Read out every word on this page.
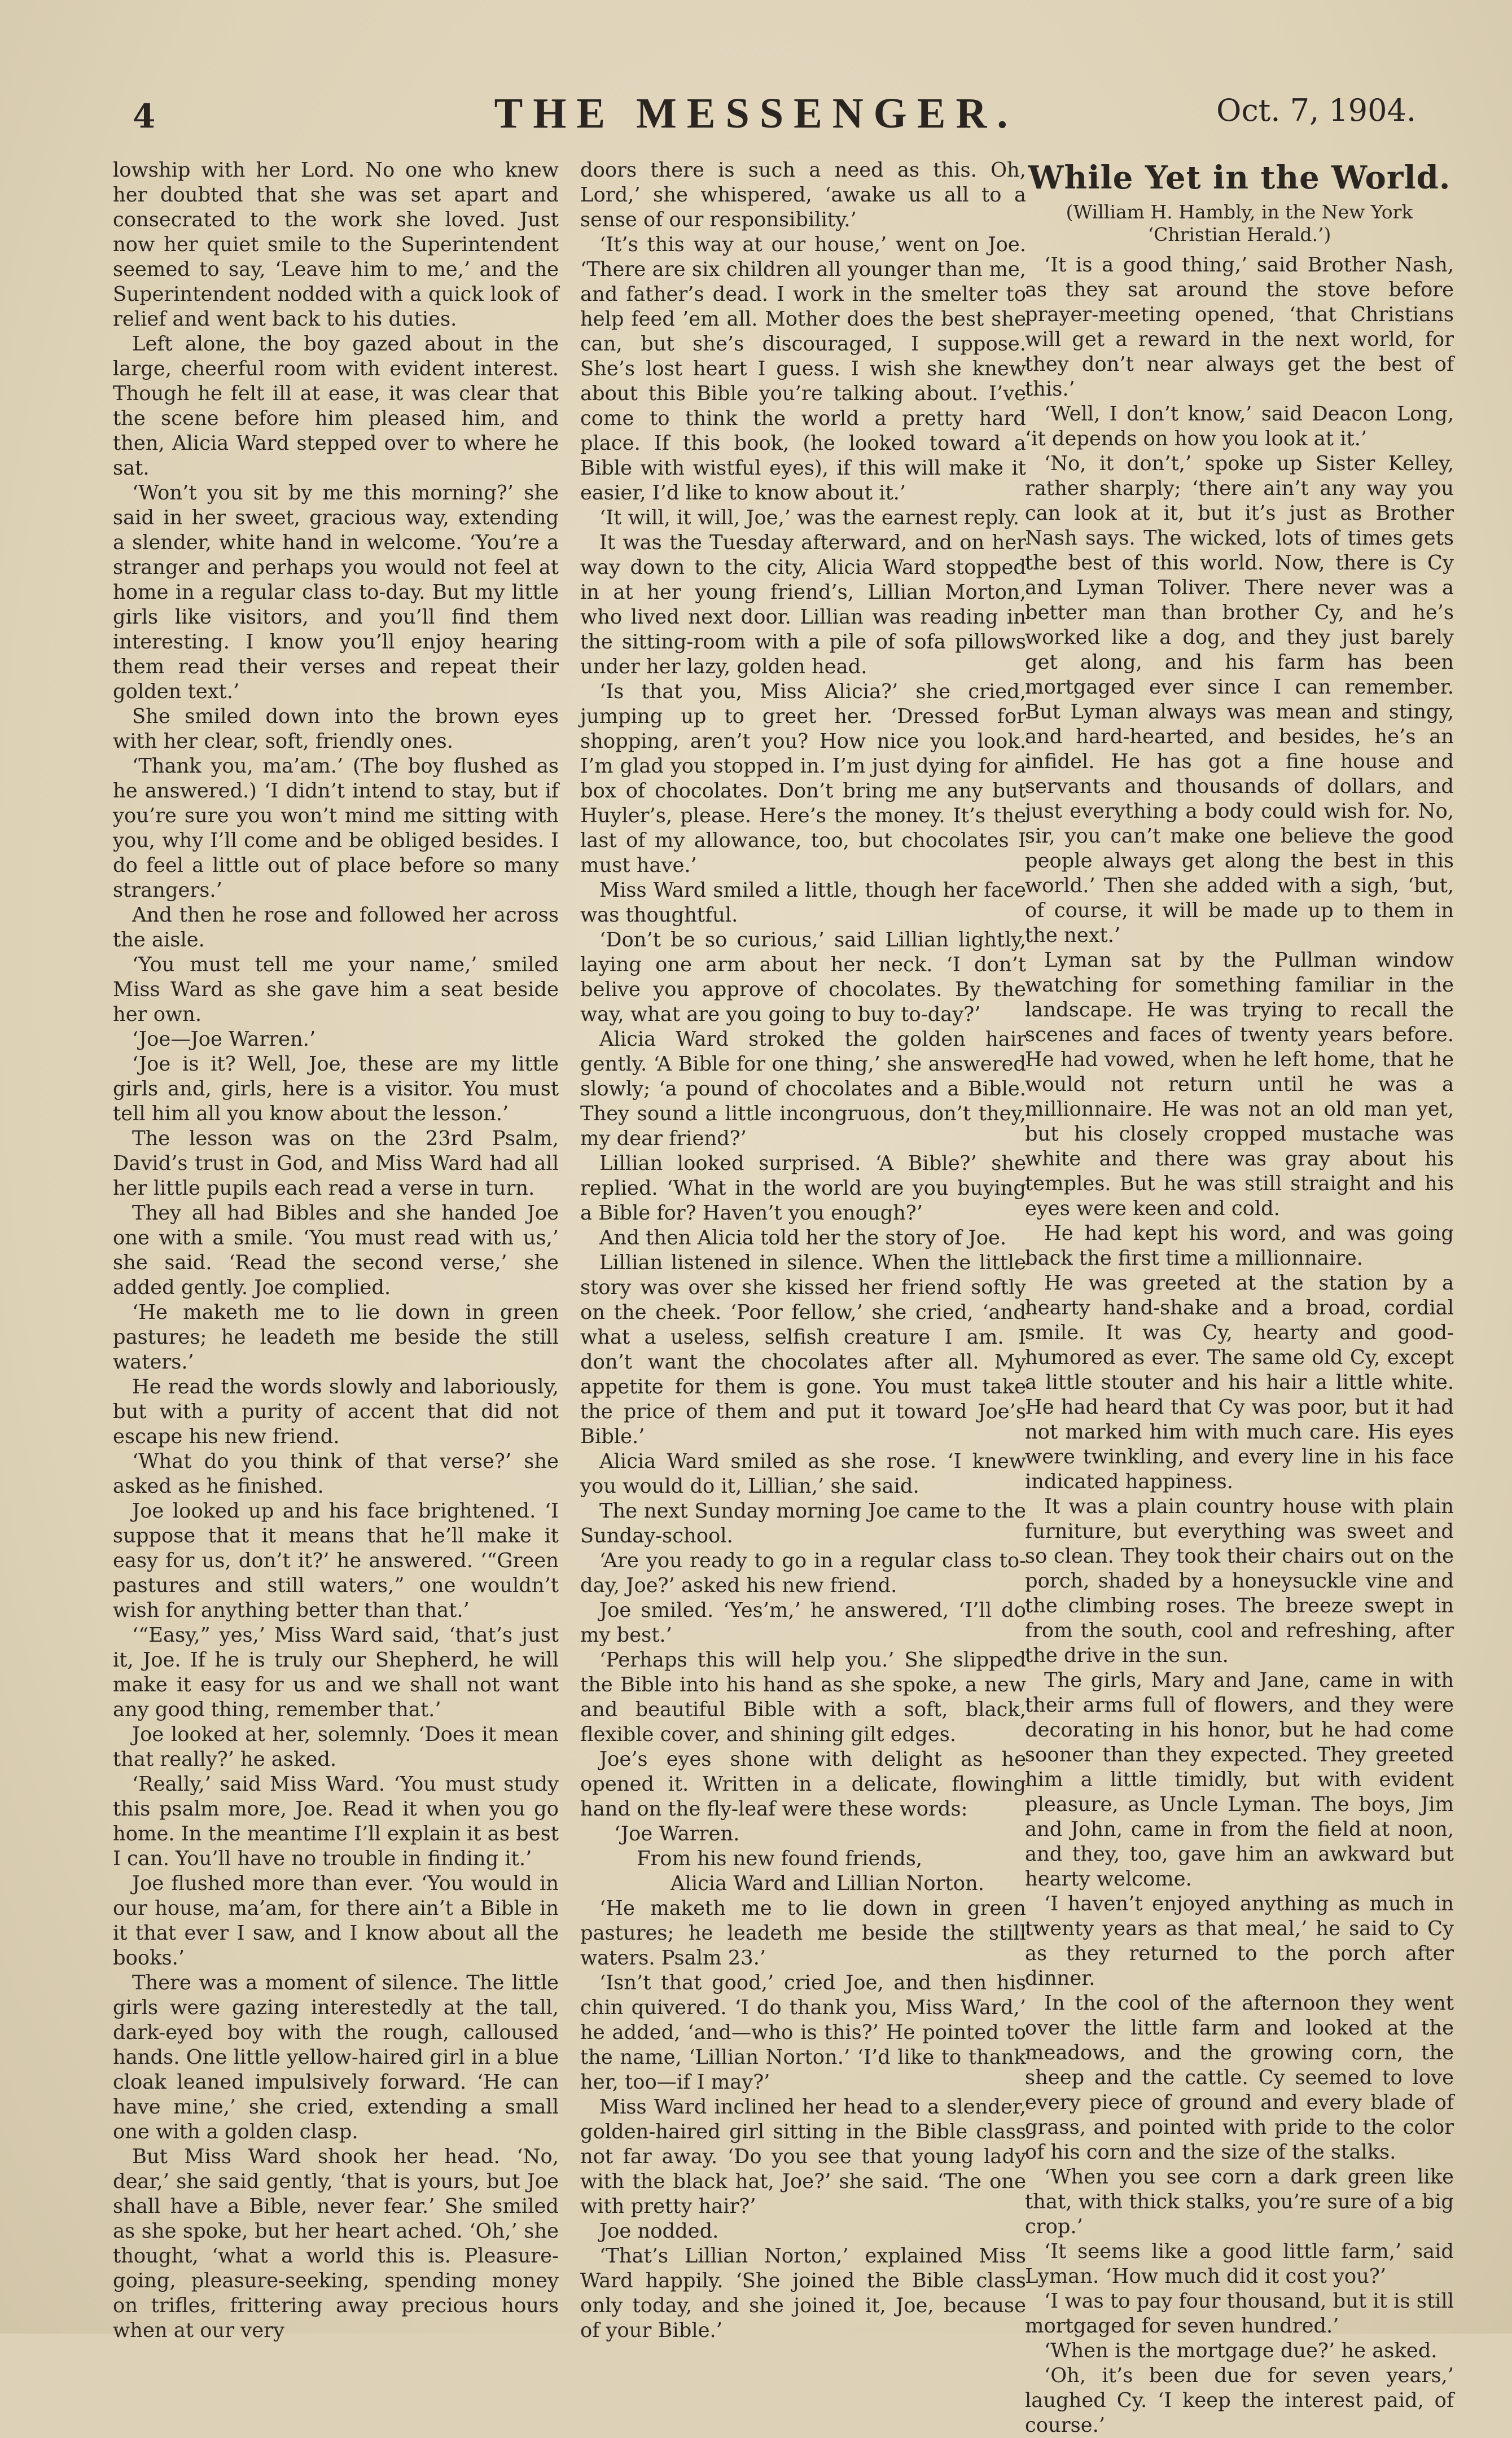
4	THE MESSENGER.	Oct. 7, 1904.

lowship with her Lord. No one who knew her doubted that she was set apart and consecrated to the work she loved. Just now her quiet smile to the Superintendent seemed to say, ‘Leave him to me,’ and the Superintendent nodded with a quick look of relief and went back to his duties.

Left alone, the boy gazed about in the large, cheerful room with evident interest. Though he felt ill at ease, it was clear that the scene before him pleased him, and then, Alicia Ward stepped over to where he sat.

‘Won’t you sit by me this morning?’ she said in her sweet, gracious way, extending a slender, white hand in welcome. ‘You’re a stranger and perhaps you would not feel at home in a regular class to-day. But my little girls like visitors, and you’ll find them interesting. I know you’ll enjoy hearing them read their verses and repeat their golden text.’

She smiled down into the brown eyes with her clear, soft, friendly ones.

‘Thank you, ma’am.’ (The boy flushed as he answered.) ‘I didn’t intend to stay, but if you’re sure you won’t mind me sitting with you, why I’ll come and be obliged besides. I do feel a little out of place before so many strangers.’

And then he rose and followed her across the aisle.

‘You must tell me your name,’ smiled Miss Ward as she gave him a seat beside her own.

‘Joe—Joe Warren.’

‘Joe is it? Well, Joe, these are my little girls and, girls, here is a visitor. You must tell him all you know about the lesson.’

The lesson was on the 23rd Psalm, David’s trust in God, and Miss Ward had all her little pupils each read a verse in turn.

They all had Bibles and she handed Joe one with a smile. ‘You must read with us,’ she said. ‘Read the second verse,’ she added gently. Joe complied.

‘He maketh me to lie down in green pastures; he leadeth me beside the still waters.’

He read the words slowly and laboriously, but with a purity of accent that did not escape his new friend.

‘What do you think of that verse?’ she asked as he finished.

Joe looked up and his face brightened. ‘I suppose that it means that he’ll make it easy for us, don’t it?’ he answered. ‘“Green pastures and still waters,” one wouldn’t wish for anything better than that.’

‘“Easy,” yes,’ Miss Ward said, ‘that’s just it, Joe. If he is truly our Shepherd, he will make it easy for us and we shall not want any good thing, remember that.’

Joe looked at her, solemnly. ‘Does it mean that really?’ he asked.

‘Really,’ said Miss Ward. ‘You must study this psalm more, Joe. Read it when you go home. In the meantime I’ll explain it as best I can. You’ll have no trouble in finding it.’

Joe flushed more than ever. ‘You would in our house, ma’am, for there ain’t a Bible in it that ever I saw, and I know about all the books.’

There was a moment of silence. The little girls were gazing interestedly at the tall, dark-eyed boy with the rough, calloused hands. One little yellow-haired girl in a blue cloak leaned impulsively forward. ‘He can have mine,’ she cried, extending a small one with a golden clasp.

But Miss Ward shook her head. ‘No, dear,’ she said gently, ‘that is yours, but Joe shall have a Bible, never fear.’ She smiled as she spoke, but her heart ached. ‘Oh,’ she thought, ‘what a world this is. Pleasure-going, pleasure-seeking, spending money on trifles, frittering away precious hours when at our very

doors there is such a need as this. Oh, Lord,’ she whispered, ‘awake us all to a sense of our responsibility.’

‘It’s this way at our house,’ went on Joe. ‘There are six children all younger than me, and father’s dead. I work in the smelter to help feed ’em all. Mother does the best she can, but she’s discouraged, I suppose. She’s lost heart I guess. I wish she knew about this Bible you’re talking about. I’ve come to think the world a pretty hard place. If this book, (he looked toward a Bible with wistful eyes), if this will make it easier, I’d like to know about it.’

‘It will, it will, Joe,’ was the earnest reply.

It was the Tuesday afterward, and on her way down to the city, Alicia Ward stopped in at her young friend’s, Lillian Morton, who lived next door. Lillian was reading in the sitting-room with a pile of sofa pillows under her lazy, golden head.

‘Is that you, Miss Alicia?’ she cried, jumping up to greet her. ‘Dressed for shopping, aren’t you? How nice you look. I’m glad you stopped in. I’m just dying for a box of chocolates. Don’t bring me any but Huyler’s, please. Here’s the money. It’s the last of my allowance, too, but chocolates I must have.’

Miss Ward smiled a little, though her face was thoughtful.

‘Don’t be so curious,’ said Lillian lightly, laying one arm about her neck. ‘I don’t belive you approve of chocolates. By the way, what are you going to buy to-day?’

Alicia Ward stroked the golden hair gently. ‘A Bible for one thing,’ she answered slowly; ‘a pound of chocolates and a Bible. They sound a little incongruous, don’t they, my dear friend?’

Lillian looked surprised. ‘A Bible?’ she replied. ‘What in the world are you buying a Bible for? Haven’t you enough?’

And then Alicia told her the story of Joe.

Lillian listened in silence. When the little story was over she kissed her friend softly on the cheek. ‘Poor fellow,’ she cried, ‘and what a useless, selfish creature I am. I don’t want the chocolates after all. My appetite for them is gone. You must take the price of them and put it toward Joe’s Bible.’

Alicia Ward smiled as she rose. ‘I knew you would do it, Lillian,’ she said.

The next Sunday morning Joe came to the Sunday-school.

‘Are you ready to go in a regular class to-day, Joe?’ asked his new friend.

Joe smiled. ‘Yes’m,’ he answered, ‘I’ll do my best.’

‘Perhaps this will help you.’ She slipped the Bible into his hand as she spoke, a new and beautiful Bible with a soft, black, flexible cover, and shining gilt edges.

Joe’s eyes shone with delight as he opened it. Written in a delicate, flowing hand on the fly-leaf were these words:

‘Joe Warren.

From his new found friends,

Alicia Ward and Lillian Norton.

‘He maketh me to lie down in green pastures; he leadeth me beside the still waters. Psalm 23.’

‘Isn’t that good,’ cried Joe, and then his chin quivered. ‘I do thank you, Miss Ward,’ he added, ‘and—who is this?’ He pointed to the name, ‘Lillian Norton.’ ‘I’d like to thank her, too—if I may?’

Miss Ward inclined her head to a slender, golden-haired girl sitting in the Bible class not far away. ‘Do you see that young lady with the black hat, Joe?’ she said. ‘The one with pretty hair?’

Joe nodded.

‘That’s Lillian Norton,’ explained Miss Ward happily. ‘She joined the Bible class only today, and she joined it, Joe, because of your Bible.’

While Yet in the World.
(William H. Hambly, in the New York ‘Christian Herald.’)

‘It is a good thing,’ said Brother Nash, as they sat around the stove before prayer-meeting opened, ‘that Christians will get a reward in the next world, for they don’t near always get the best of this.’

‘Well, I don’t know,’ said Deacon Long, ‘it depends on how you look at it.’

‘No, it don’t,’ spoke up Sister Kelley, rather sharply; ‘there ain’t any way you can look at it, but it’s just as Brother Nash says. The wicked, lots of times gets the best of this world. Now, there is Cy and Lyman Toliver. There never was a better man than brother Cy, and he’s worked like a dog, and they just barely get along, and his farm has been mortgaged ever since I can remember. But Lyman always was mean and stingy, and hard-hearted, and besides, he’s an infidel. He has got a fine house and servants and thousands of dollars, and just everything a body could wish for. No, sir, you can’t make one believe the good people always get along the best in this world.’ Then she added with a sigh, ‘but, of course, it will be made up to them in the next.’

Lyman sat by the Pullman window watching for something familiar in the landscape. He was trying to recall the scenes and faces of twenty years before. He had vowed, when he left home, that he would not return until he was a millionnaire. He was not an old man yet, but his closely cropped mustache was white and there was gray about his temples. But he was still straight and his eyes were keen and cold.

He had kept his word, and was going back the first time a millionnaire.

He was greeted at the station by a hearty hand-shake and a broad, cordial smile. It was Cy, hearty and good-humored as ever. The same old Cy, except a little stouter and his hair a little white. He had heard that Cy was poor, but it had not marked him with much care. His eyes were twinkling, and every line in his face indicated happiness.

It was a plain country house with plain furniture, but everything was sweet and so clean. They took their chairs out on the porch, shaded by a honeysuckle vine and the climbing roses. The breeze swept in from the south, cool and refreshing, after the drive in the sun.

The girls, Mary and Jane, came in with their arms full of flowers, and they were decorating in his honor, but he had come sooner than they expected. They greeted him a little timidly, but with evident pleasure, as Uncle Lyman. The boys, Jim and John, came in from the field at noon, and they, too, gave him an awkward but hearty welcome.

‘I haven’t enjoyed anything as much in twenty years as that meal,’ he said to Cy as they returned to the porch after dinner.

In the cool of the afternoon they went over the little farm and looked at the meadows, and the growing corn, the sheep and the cattle. Cy seemed to love every piece of ground and every blade of grass, and pointed with pride to the color of his corn and the size of the stalks.

‘When you see corn a dark green like that, with thick stalks, you’re sure of a big crop.’

‘It seems like a good little farm,’ said Lyman. ‘How much did it cost you?’

‘I was to pay four thousand, but it is still mortgaged for seven hundred.’

‘When is the mortgage due?’ he asked.

‘Oh, it’s been due for seven years,’ laughed Cy. ‘I keep the interest paid, of course.’
